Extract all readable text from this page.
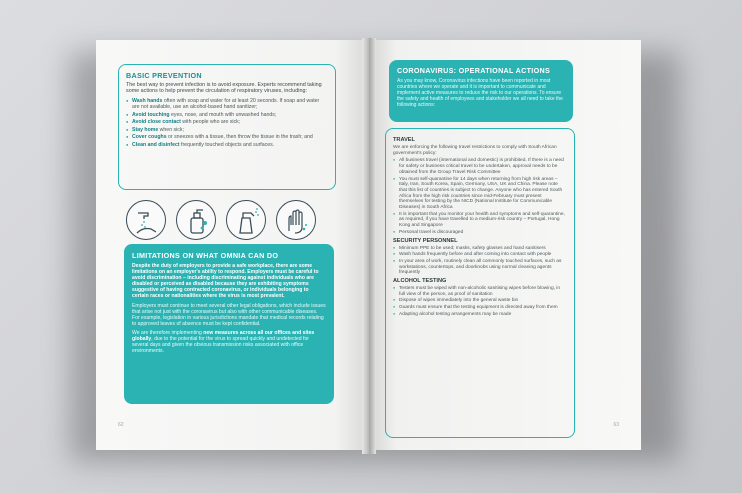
BASIC PREVENTION

The best way to prevent infection is to avoid exposure. Experts recommend taking some actions to help prevent the circulation of respiratory viruses, including:

● Wash hands often with soap and water for at least 20 seconds. If soap and water are not available, use an alcohol-based hand sanitizer;
● Avoid touching eyes, nose, and mouth with unwashed hands;
● Avoid close contact with people who are sick;
● Stay home when sick;
● Cover coughs or sneezes with a tissue, then throw the tissue in the trash; and
● Clean and disinfect frequently touched objects and surfaces.
LIMITATIONS ON WHAT OMNIA CAN DO

Despite the duty of employers to provide a safe workplace, there are some limitations on an employer's ability to respond. Employers must be careful to avoid discrimination – including discriminating against individuals who are disabled or perceived as disabled because they are exhibiting symptoms suggestive of having contracted coronavirus, or individuals belonging to certain races or nationalities where the virus is most prevalent.

Employers must continue to meet several other legal obligations, which include issues that arise not just with the coronavirus but also with other communicable diseases. For example, legislation in various jurisdictions mandate that medical records relating to approved leaves of absence must be kept confidential.

We are therefore implementing new measures across all our offices and sites globally, due to the potential for the virus to spread quickly and undetected for several days and given the obvious transmission risks associated with office environments.

62
CORONAVIRUS: OPERATIONAL ACTIONS

As you may know, Coronavirus infections have been reported in most countries where we operate and it is important to communicate and implement active measures to reduce the risk to our operations. To ensure the safety and health of employees and stakeholder we all need to take the following actions:

TRAVEL

We are enforcing the following travel restrictions to comply with South African government's policy:

● All business travel (international and domestic) is prohibited. If there is a need for safety or business critical travel to be undertaken, approval needs to be obtained from the Group Travel Risk Committee
● You must self-quarantine for 14 days when returning from high risk areas – Italy, Iran, South Korea, Spain, Germany, USA, UK and China. Please note that this list of countries is subject to change. Anyone who has entered South Africa from the high risk countries since mid-February must present themselves for testing by the NICD (National Institute for Communicable Diseases) in South Africa
● It is important that you monitor your health and symptoms and self-quarantine, as required, if you have travelled to a medium-risk country – Portugal, Hong Kong and Singapore
● Personal travel is discouraged
SECURITY PERSONNEL
● Minimum PPE to be used; masks, safety glasses and hand sanitisers
● Wash hands frequently before and after coming into contact with people
● In your area of work, routinely clean all commonly touched surfaces, such as workstations, countertops, and doorknobs using normal cleaning agents frequently
ALCOHOL TESTING
● Testers must be wiped with non-alcoholic sanitising wipes before blowing, in full view of the person, as proof of sanitation
● Dispose of wipes immediately into the general waste bin
● Guards must ensure that the testing equipment is directed away from them
● Adapting alcohol testing arrangements may be made
63
